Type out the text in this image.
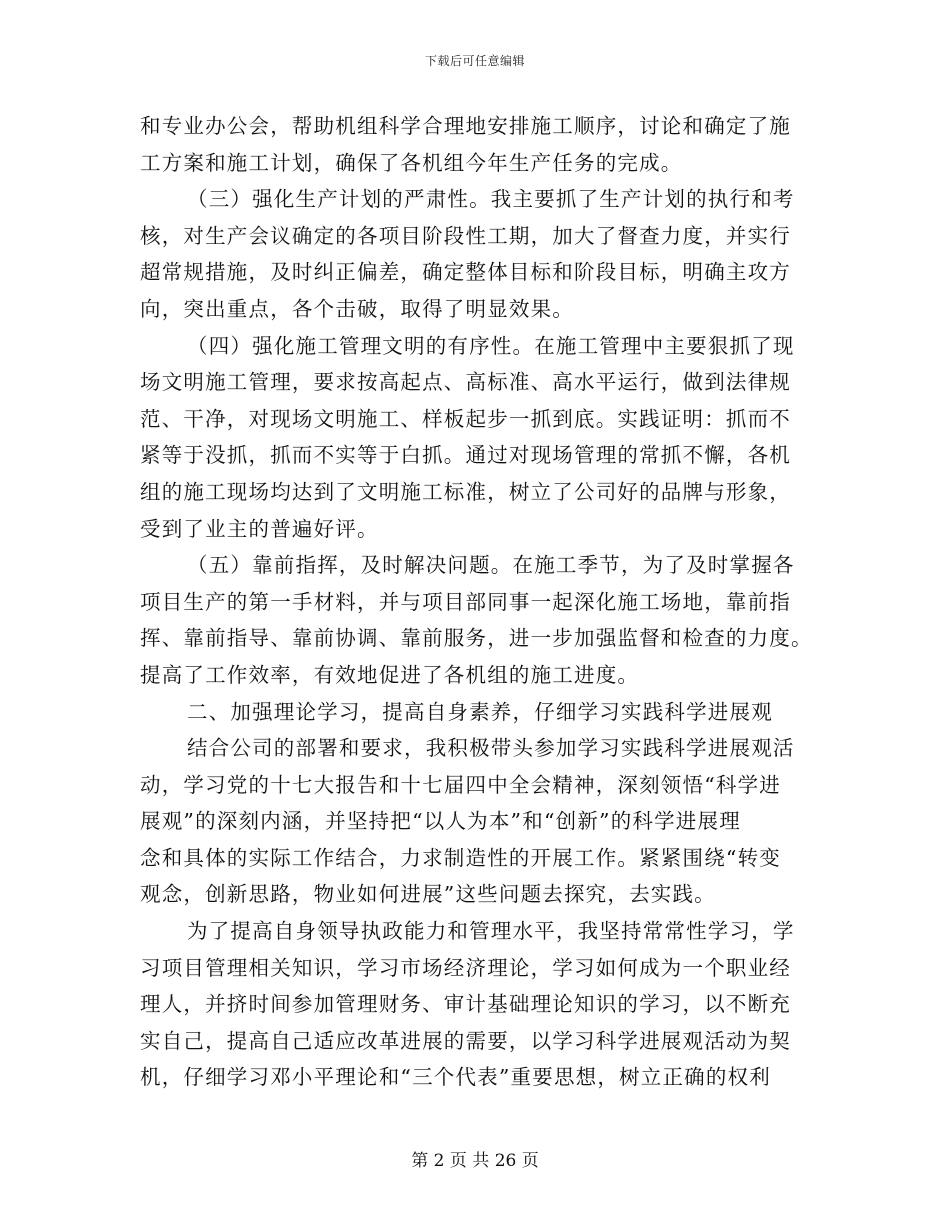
下载后可任意编辑
和专业办公会，帮助机组科学合理地安排施工顺序，讨论和确定了施
工方案和施工计划，确保了各机组今年生产任务的完成。
（三）强化生产计划的严肃性。我主要抓了生产计划的执行和考
核，对生产会议确定的各项目阶段性工期，加大了督查力度，并实行
超常规措施，及时纠正偏差，确定整体目标和阶段目标，明确主攻方
向，突出重点，各个击破，取得了明显效果。
（四）强化施工管理文明的有序性。在施工管理中主要狠抓了现
场文明施工管理，要求按高起点、高标准、高水平运行，做到法律规
范、干净，对现场文明施工、样板起步一抓到底。实践证明：抓而不
紧等于没抓，抓而不实等于白抓。通过对现场管理的常抓不懈，各机
组的施工现场均达到了文明施工标准，树立了公司好的品牌与形象，
受到了业主的普遍好评。
（五）靠前指挥，及时解决问题。在施工季节，为了及时掌握各
项目生产的第一手材料，并与项目部同事一起深化施工场地，靠前指
挥、靠前指导、靠前协调、靠前服务，进一步加强监督和检查的力度。
提高了工作效率，有效地促进了各机组的施工进度。
二、加强理论学习，提高自身素养，仔细学习实践科学进展观
结合公司的部署和要求，我积极带头参加学习实践科学进展观活
动，学习党的十七大报告和十七届四中全会精神，深刻领悟“科学进
展观”的深刻内涵，并坚持把“以人为本”和“创新”的科学进展理
念和具体的实际工作结合，力求制造性的开展工作。紧紧围绕“转变
观念，创新思路，物业如何进展”这些问题去探究，去实践。
为了提高自身领导执政能力和管理水平，我坚持常常性学习，学
习项目管理相关知识，学习市场经济理论，学习如何成为一个职业经
理人，并挤时间参加管理财务、审计基础理论知识的学习，以不断充
实自己，提高自己适应改革进展的需要，以学习科学进展观活动为契
机，仔细学习邓小平理论和“三个代表”重要思想，树立正确的权利
第 2 页 共 26 页
